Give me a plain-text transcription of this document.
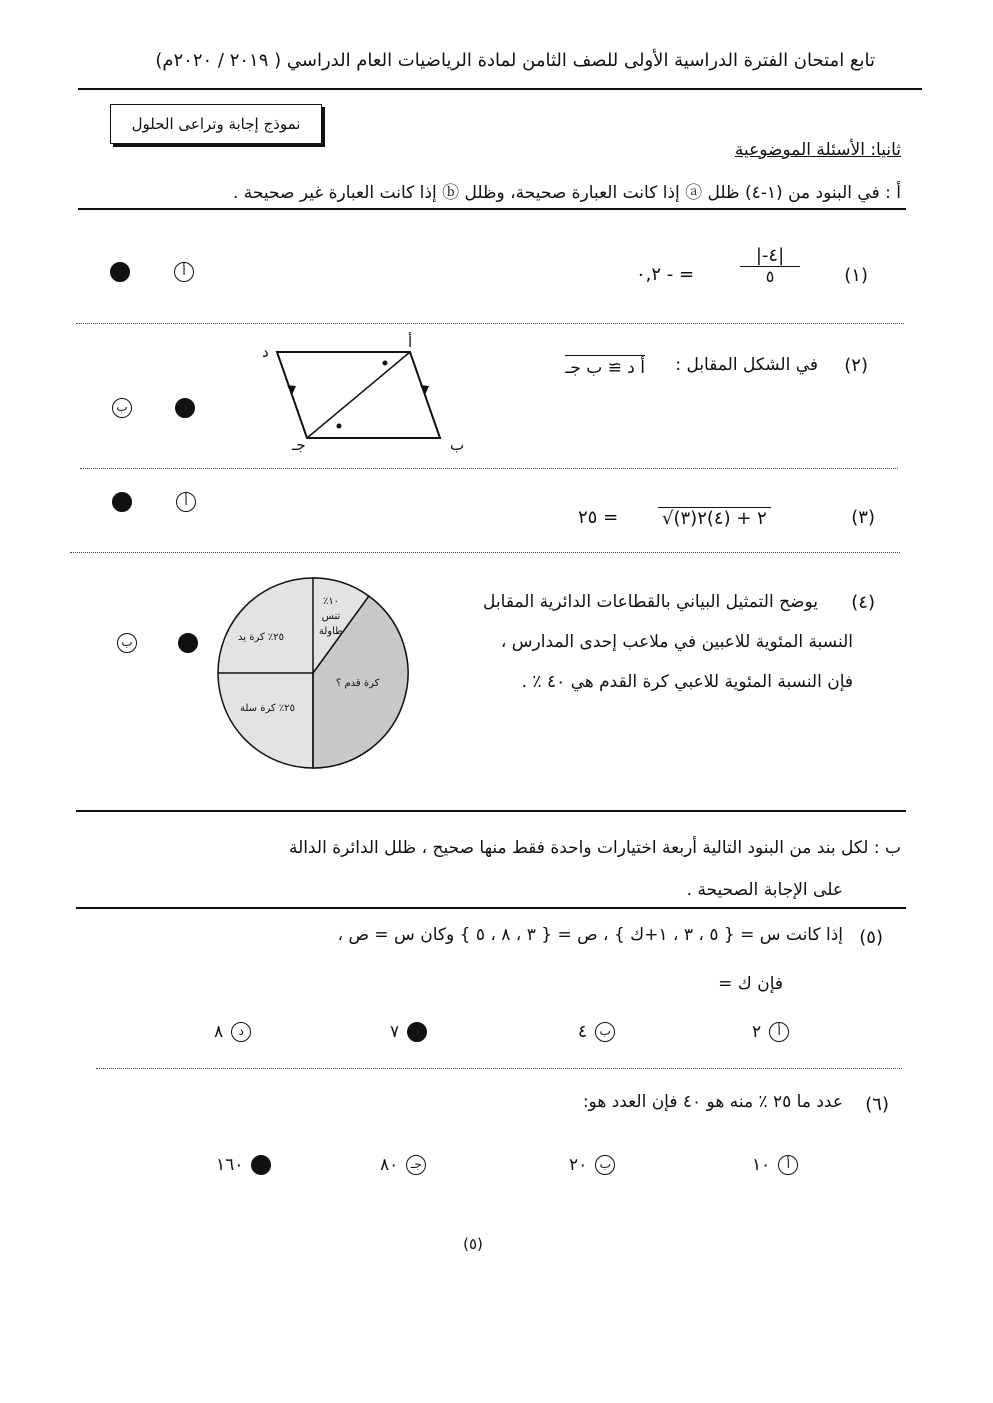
تابع امتحان الفترة الدراسية الأولى للصف الثامن لمادة الرياضيات العام الدراسي ( ٢٠١٩ / ٢٠٢٠م)
نموذج إجابة وتراعى الحلول
ثانيا: الأسئلة الموضوعية
أ : في البنود من (١-٤) ظلل ⓐ إذا كانت العبارة صحيحة، وظلل ⓑ إذا كانت العبارة غير صحيحة .
(١)
|-٤|
٥
= - ٠,٢
ب	أ
(٢)
في الشكل المقابل :
أ د ≅ ب جـ
أ
د
ب
جـ
ب	أ
(٣)
√(٣)٢ + (٤)٢
= ٢٥
ب	أ
(٤)
يوضح التمثيل البياني بالقطاعات الدائرية المقابل
النسبة المئوية للاعبين في ملاعب إحدى المدارس ،
فإن النسبة المئوية للاعبي كرة القدم هي ٤٠ ٪ .
١٠٪ تنس طاولة
كرة قدم ؟
٢٥٪ كرة سلة
٢٥٪ كرة يد
ب	أ
ب : لكل بند من البنود التالية أربعة اختيارات واحدة فقط منها صحيح ، ظلل الدائرة الدالة
على الإجابة الصحيحة .
(٥)
إذا كانت س = { ٥ ، ٣ ، ١+ك } ، ص = { ٣ ، ٨ ، ٥ } وكان س = ص ،
فإن ك =
٢	أ
٤	ب
٧	جـ
٨	د
(٦)
عدد ما ٢٥ ٪ منه هو ٤٠ فإن العدد هو:
١٠	أ
٢٠	ب
٨٠	جـ
١٦٠	د
(٥)
